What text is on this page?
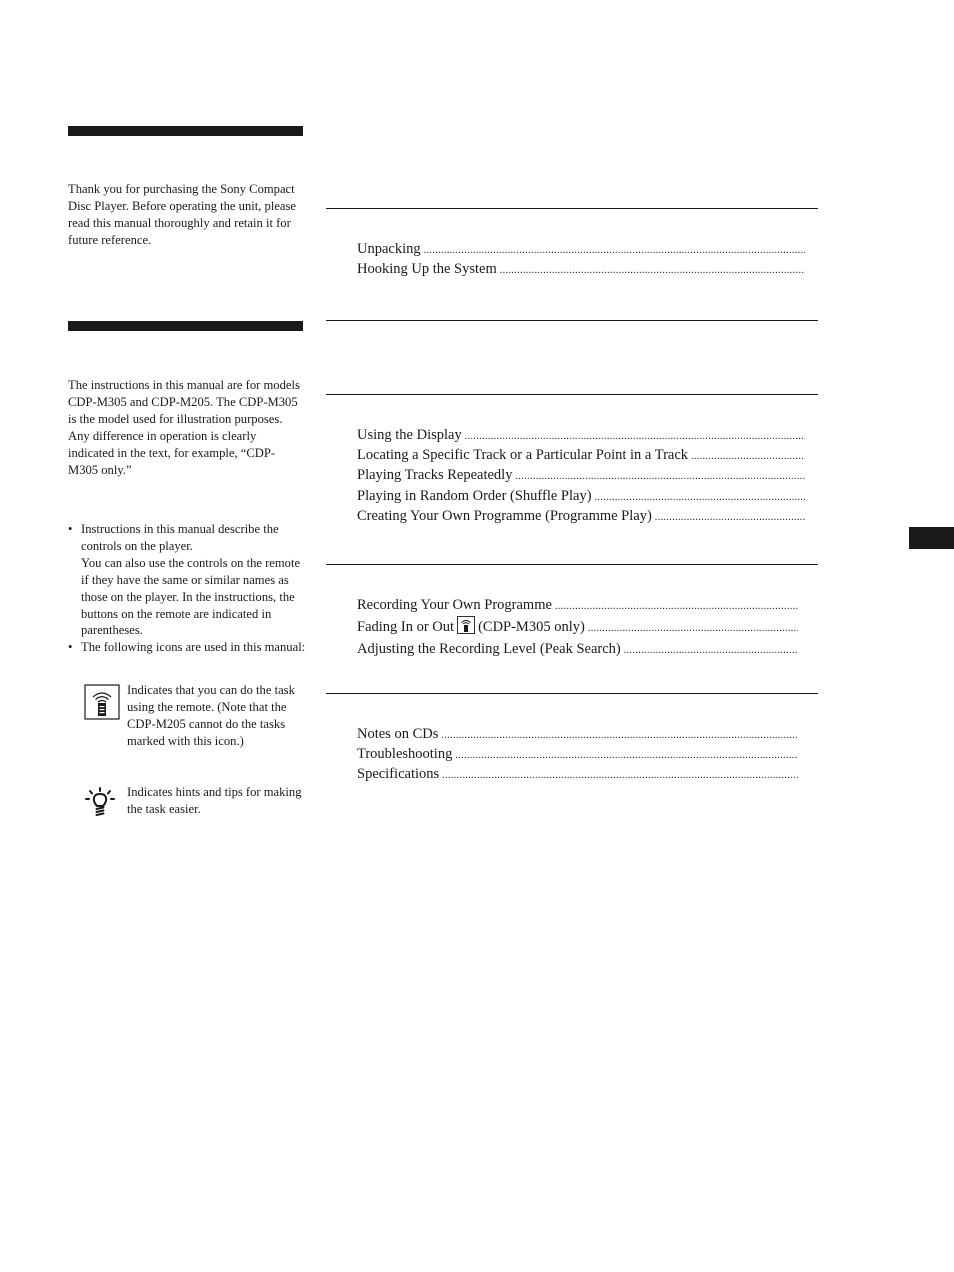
Thank you for purchasing the Sony Compact Disc Player. Before operating the unit, please read this manual thoroughly and retain it for future reference.

The instructions in this manual are for models CDP-M305 and CDP-M205. The CDP-M305 is the model used for illustration purposes. Any difference in operation is clearly indicated in the text, for example, “CDP-M305 only.”

• Instructions in this manual describe the controls on the player.
You can also use the controls on the remote if they have the same or similar names as those on the player. In the instructions, the buttons on the remote are indicated in parentheses.

• The following icons are used in this manual:

Indicates that you can do the task using the remote. (Note that the CDP-M205 cannot do the tasks marked with this icon.)
Indicates hints and tips for making the task easier.
Unpacking
.....
Hooking Up the System
.....
Using the Display
.....
Locating a Specific Track or a Particular Point in a Track
.....
Playing Tracks Repeatedly
.....
Playing in Random Order (Shuffle Play)
.....
Creating Your Own Programme (Programme Play)
.....
Recording Your Own Programme
.....
Fading In or Out (CDP-M305 only)
.....
Adjusting the Recording Level (Peak Search)
.....
Notes on CDs
.....
Troubleshooting
.....
Specifications
.....
